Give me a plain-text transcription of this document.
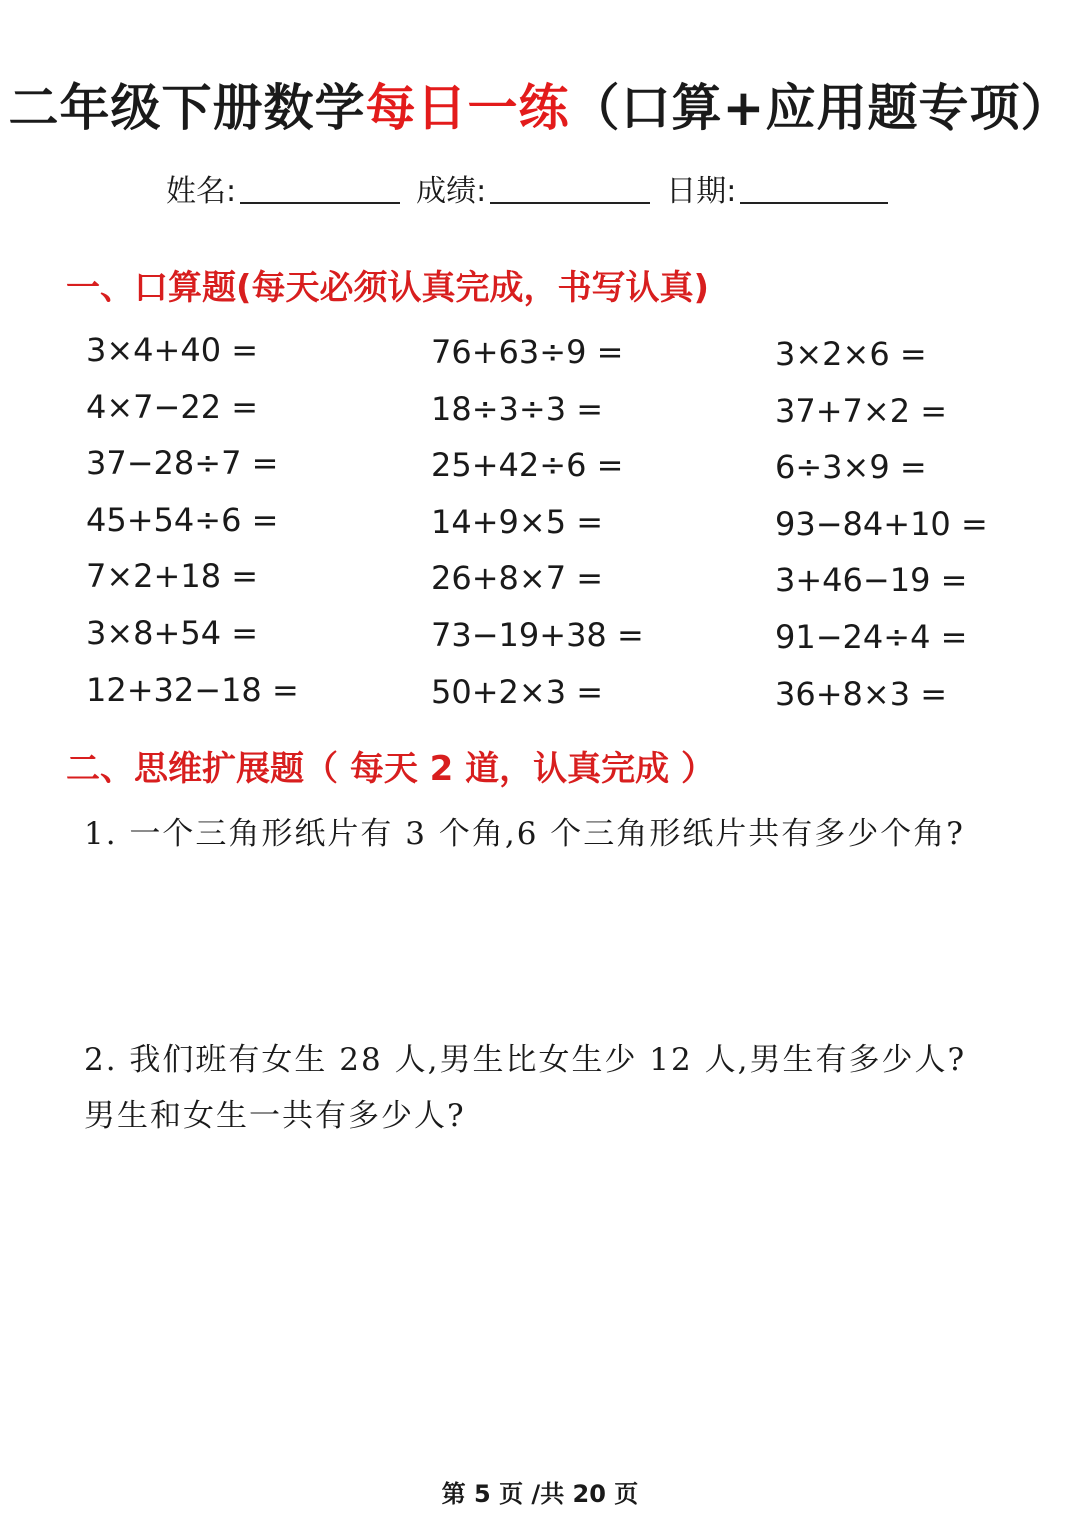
二年级下册数学每日一练（口算+应用题专项）
姓名:	成绩:	日期:
一、口算题(每天必须认真完成，书写认真)
3×4+40 =
4×7−22 =
37−28÷7 =
45+54÷6 =
7×2+18 =
3×8+54 =
12+32−18 =
76+63÷9 =
18÷3÷3 =
25+42÷6 =
14+9×5 =
26+8×7 =
73−19+38 =
50+2×3 =
3×2×6 =
37+7×2 =
6÷3×9 =
93−84+10 =
3+46−19 =
91−24÷4 =
36+8×3 =
二、思维扩展题（ 每天 2 道，认真完成 ）
1. 一个三角形纸片有 3 个角,6 个三角形纸片共有多少个角?
2. 我们班有女生 28 人,男生比女生少 12 人,男生有多少人?
男生和女生一共有多少人?
第 5 页 /共 20 页
